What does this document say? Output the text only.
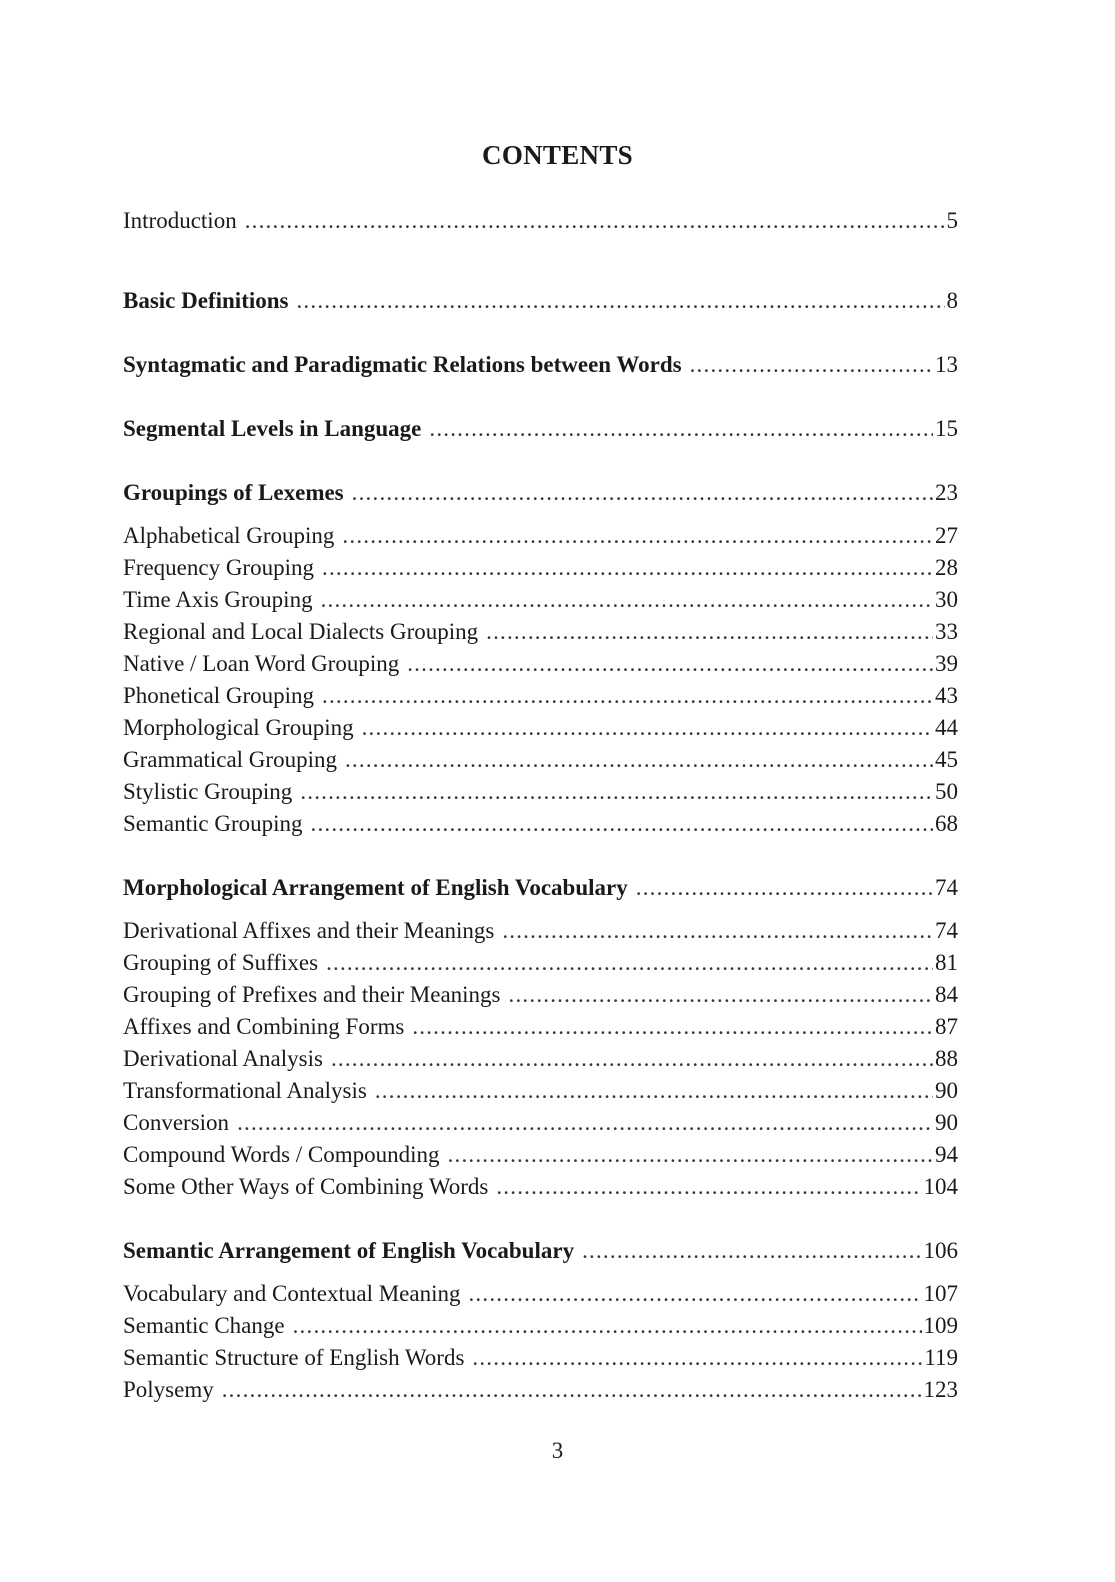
CONTENTS
Introduction .....	5
Basic Definitions .....	8
Syntagmatic and Paradigmatic Relations between Words .....	13
Segmental Levels in Language .....	15
Groupings of Lexemes .....	23
Alphabetical Grouping .....	27
Frequency Grouping .....	28
Time Axis Grouping .....	30
Regional and Local Dialects Grouping .....	33
Native / Loan Word Grouping .....	39
Phonetical Grouping .....	43
Morphological Grouping .....	44
Grammatical Grouping .....	45
Stylistic Grouping .....	50
Semantic Grouping .....	68
Morphological Arrangement of English Vocabulary .....	74
Derivational Affixes and their Meanings .....	74
Grouping of Suffixes .....	81
Grouping of Prefixes and their Meanings .....	84
Affixes and Combining Forms .....	87
Derivational Analysis .....	88
Transformational Analysis .....	90
Conversion .....	90
Compound Words / Compounding .....	94
Some Other Ways of Combining Words .....	104
Semantic Arrangement of English Vocabulary .....	106
Vocabulary and Contextual Meaning .....	107
Semantic Change .....	109
Semantic Structure of English Words .....	119
Polysemy .....	123
3
